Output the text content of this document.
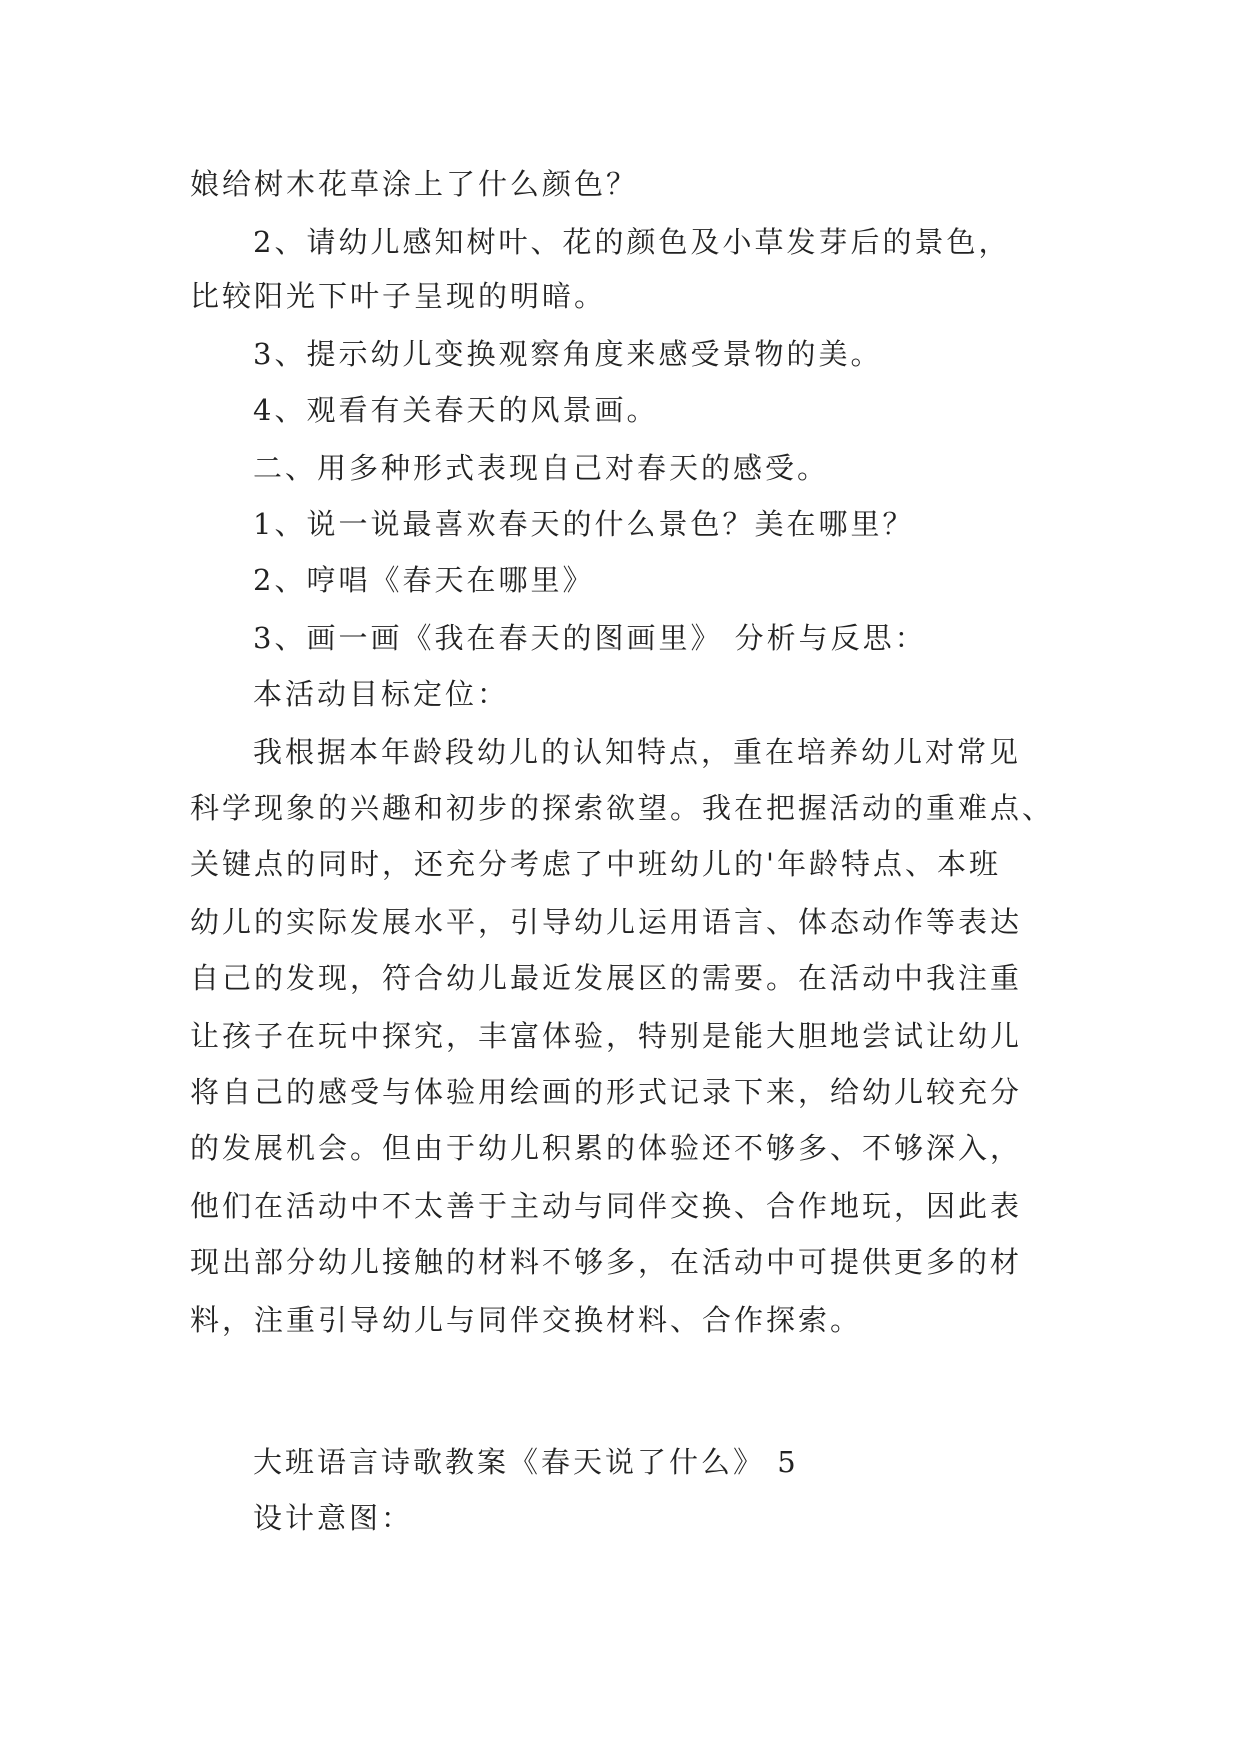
娘给树木花草涂上了什么颜色？

2、请幼儿感知树叶、花的颜色及小草发芽后的景色，

比较阳光下叶子呈现的明暗。

3、提示幼儿变换观察角度来感受景物的美。

4、观看有关春天的风景画。

二、用多种形式表现自己对春天的感受。

1、说一说最喜欢春天的什么景色？美在哪里？

2、哼唱《春天在哪里》

3、画一画《我在春天的图画里》 分析与反思：

本活动目标定位：

我根据本年龄段幼儿的认知特点，重在培养幼儿对常见

科学现象的兴趣和初步的探索欲望。我在把握活动的重难点、

关键点的同时，还充分考虑了中班幼儿的'年龄特点、本班

幼儿的实际发展水平，引导幼儿运用语言、体态动作等表达

自己的发现，符合幼儿最近发展区的需要。在活动中我注重

让孩子在玩中探究，丰富体验，特别是能大胆地尝试让幼儿

将自己的感受与体验用绘画的形式记录下来，给幼儿较充分

的发展机会。但由于幼儿积累的体验还不够多、不够深入，

他们在活动中不太善于主动与同伴交换、合作地玩，因此表

现出部分幼儿接触的材料不够多，在活动中可提供更多的材

料，注重引导幼儿与同伴交换材料、合作探索。

大班语言诗歌教案《春天说了什么》 5

设计意图：
